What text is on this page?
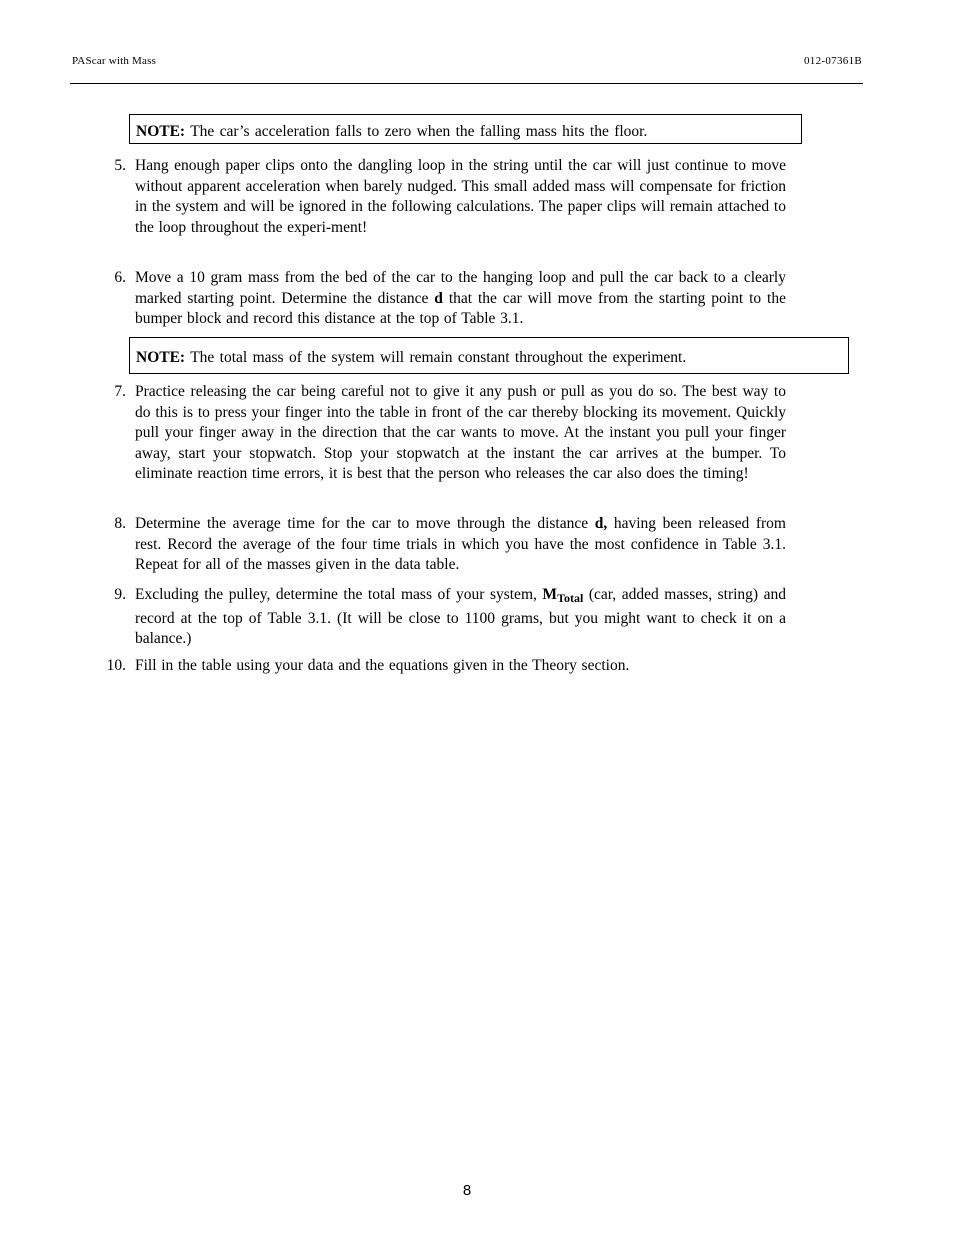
PAScar with Mass	012-07361B
NOTE: The car’s acceleration falls to zero when the falling mass hits the floor.
5. Hang enough paper clips onto the dangling loop in the string until the car will just continue to move without apparent acceleration when barely nudged. This small added mass will compensate for friction in the system and will be ignored in the following calculations. The paper clips will remain attached to the loop throughout the experi-ment!
6. Move a 10 gram mass from the bed of the car to the hanging loop and pull the car back to a clearly marked starting point. Determine the distance d that the car will move from the starting point to the bumper block and record this distance at the top of Table 3.1.
NOTE: The total mass of the system will remain constant throughout the experiment.
7. Practice releasing the car being careful not to give it any push or pull as you do so. The best way to do this is to press your finger into the table in front of the car thereby blocking its movement. Quickly pull your finger away in the direction that the car wants to move. At the instant you pull your finger away, start your stopwatch. Stop your stopwatch at the instant the car arrives at the bumper. To eliminate reaction time errors, it is best that the person who releases the car also does the timing!
8. Determine the average time for the car to move through the distance d, having been released from rest. Record the average of the four time trials in which you have the most confidence in Table 3.1. Repeat for all of the masses given in the data table.
9. Excluding the pulley, determine the total mass of your system, $M_{Total}$ (car, added masses, string) and record at the top of Table 3.1. (It will be close to 1100 grams, but you might want to check it on a balance.)
10. Fill in the table using your data and the equations given in the Theory section.
8
